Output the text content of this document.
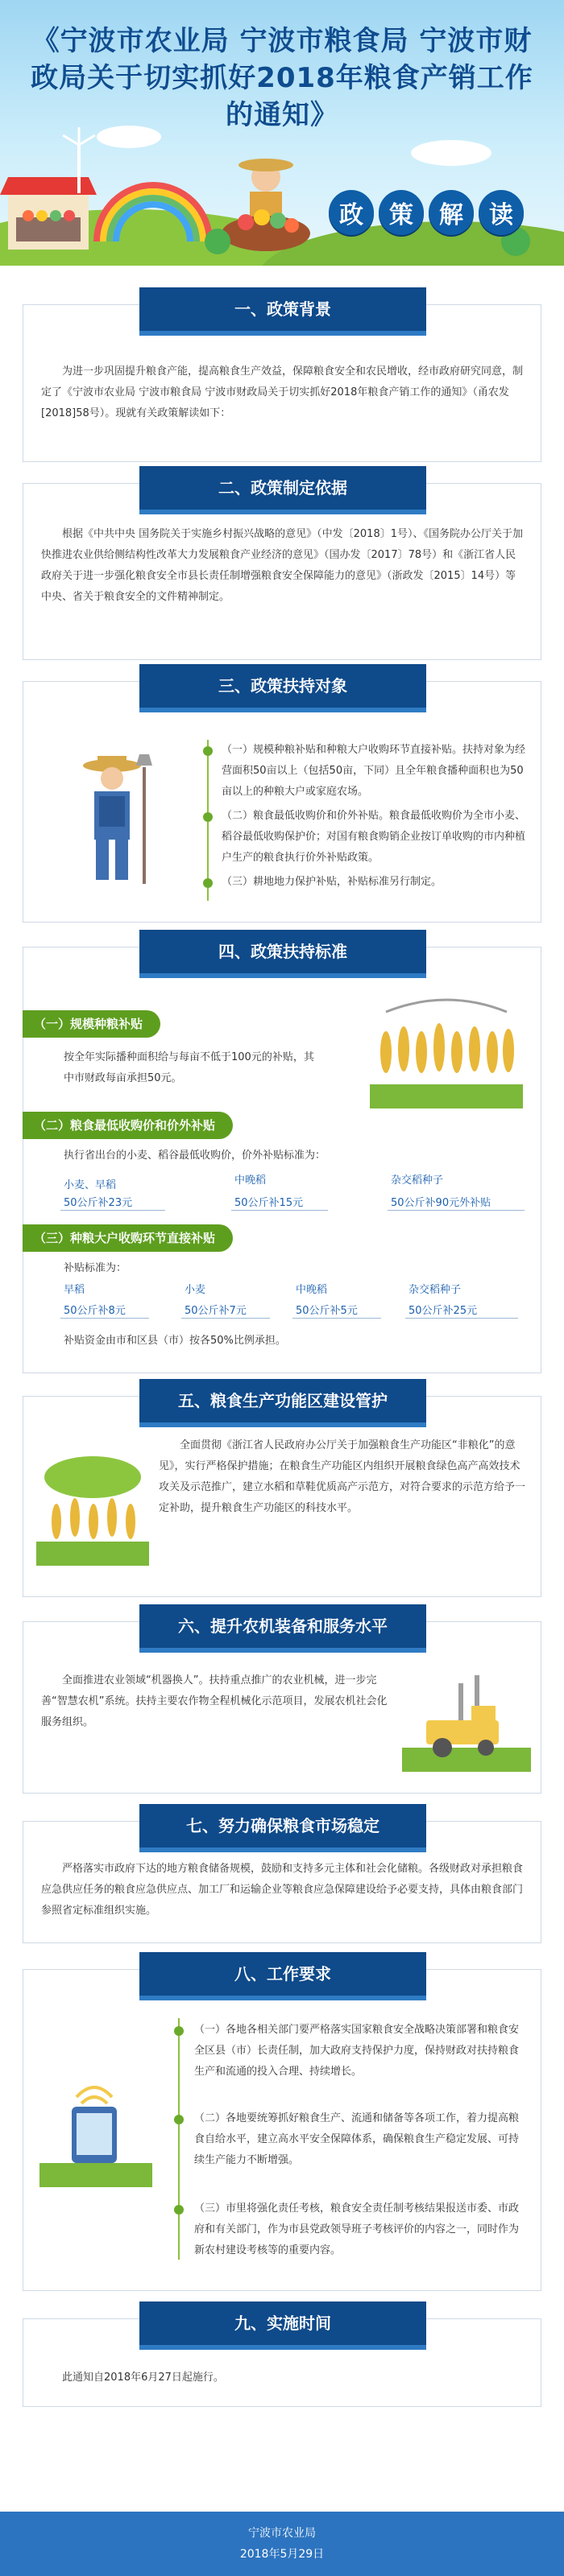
《宁波市农业局 宁波市粮食局 宁波市财政局关于切实抓好2018年粮食产销工作的通知》
政	策	解	读
一、政策背景
为进一步巩固提升粮食产能，提高粮食生产效益，保障粮食安全和农民增收，经市政府研究同意，制定了《宁波市农业局 宁波市粮食局 宁波市财政局关于切实抓好2018年粮食产销工作的通知》（甬农发[2018]58号）。现就有关政策解读如下：
二、政策制定依据
根据《中共中央 国务院关于实施乡村振兴战略的意见》（中发〔2018〕1号）、《国务院办公厅关于加快推进农业供给侧结构性改革大力发展粮食产业经济的意见》（国办发〔2017〕78号）和《浙江省人民政府关于进一步强化粮食安全市县长责任制增强粮食安全保障能力的意见》（浙政发〔2015〕14号）等中央、省关于粮食安全的文件精神制定。
三、政策扶持对象
（一）规模种粮补贴和种粮大户收购环节直接补贴。扶持对象为经营面积50亩以上（包括50亩，下同）且全年粮食播种面积也为50亩以上的种粮大户或家庭农场。
（二）粮食最低收购价和价外补贴。粮食最低收购价为全市小麦、稻谷最低收购保护价；对国有粮食购销企业按订单收购的市内种植户生产的粮食执行价外补贴政策。
（三）耕地地力保护补贴，补贴标准另行制定。
四、政策扶持标准
（一）规模种粮补贴
按全年实际播种面积给与每亩不低于100元的补贴，其中市财政每亩承担50元。
（二）粮食最低收购价和价外补贴
执行省出台的小麦、稻谷最低收购价，价外补贴标准为：
小麦、早稻
50公斤补23元
中晚稻
50公斤补15元
杂交稻种子
50公斤补90元外补贴
（三）种粮大户收购环节直接补贴
补贴标准为：
早稻
50公斤补8元
小麦
50公斤补7元
中晚稻
50公斤补5元
杂交稻种子
50公斤补25元
补贴资金由市和区县（市）按各50%比例承担。
五、粮食生产功能区建设管护
全面贯彻《浙江省人民政府办公厅关于加强粮食生产功能区“非粮化”的意见》，实行严格保护措施；在粮食生产功能区内组织开展粮食绿色高产高效技术攻关及示范推广，建立水稻和草鞋优质高产示范方，对符合要求的示范方给予一定补助，提升粮食生产功能区的科技水平。
六、提升农机装备和服务水平
全面推进农业领域“机器换人”。扶持重点推广的农业机械，进一步完善“智慧农机”系统。扶持主要农作物全程机械化示范项目，发展农机社会化服务组织。
七、努力确保粮食市场稳定
严格落实市政府下达的地方粮食储备规模，鼓励和支持多元主体和社会化储粮。各级财政对承担粮食应急供应任务的粮食应急供应点、加工厂和运输企业等粮食应急保障建设给予必要支持，具体由粮食部门参照省定标准组织实施。
八、工作要求
（一）各地各相关部门要严格落实国家粮食安全战略决策部署和粮食安全区县（市）长责任制，加大政府支持保护力度，保持财政对扶持粮食生产和流通的投入合理、持续增长。
（二）各地要统筹抓好粮食生产、流通和储备等各项工作，着力提高粮食自给水平，建立高水平安全保障体系，确保粮食生产稳定发展、可持续生产能力不断增强。
（三）市里将强化责任考核，粮食安全责任制考核结果报送市委、市政府和有关部门，作为市县党政领导班子考核评价的内容之一，同时作为新农村建设考核等的重要内容。
九、实施时间
此通知自2018年6月27日起施行。
宁波市农业局
2018年5月29日
